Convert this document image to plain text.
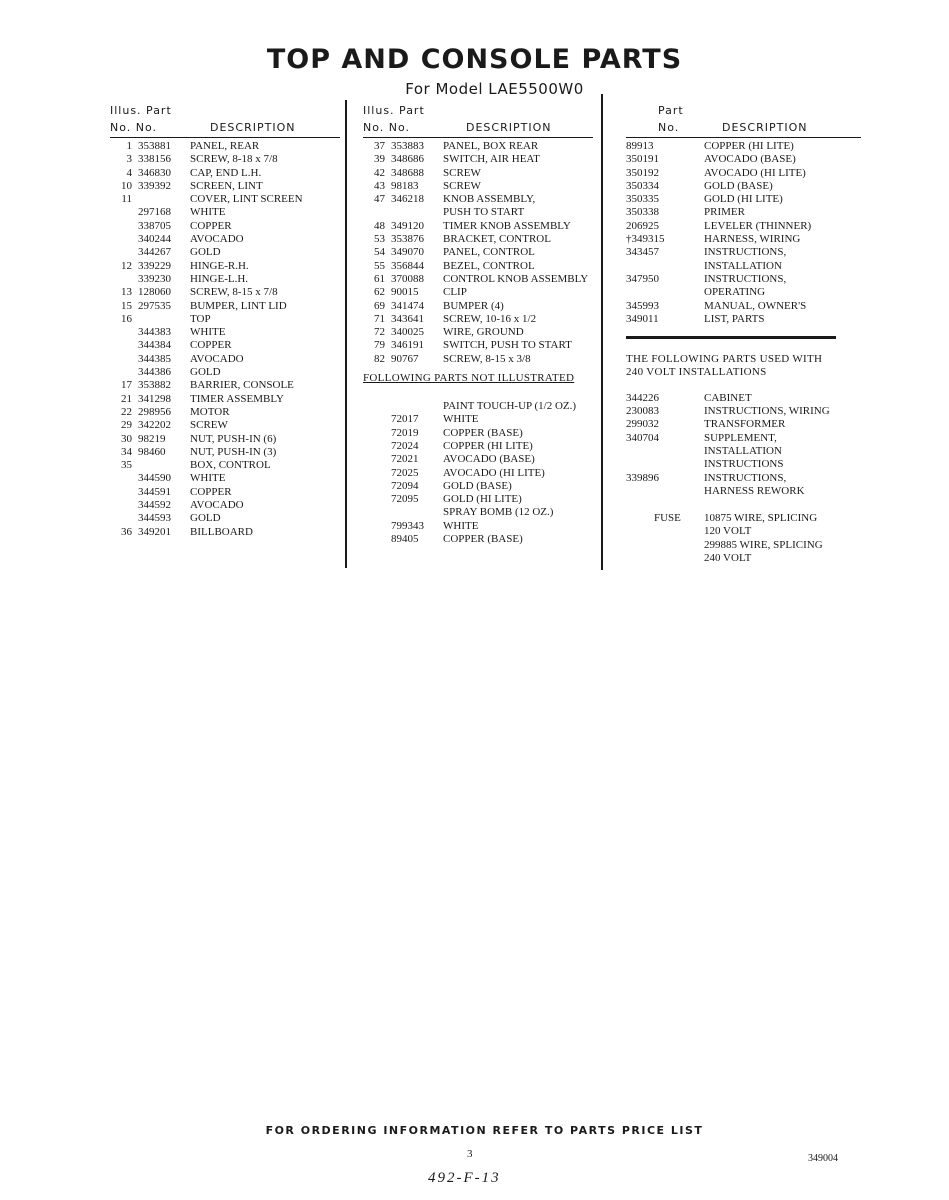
TOP AND CONSOLE PARTS
For Model LAE5500W0
Illus. Part
No. No.	DESCRIPTION
1 353881 PANEL, REAR
3 338156 SCREW, 8-18 x 7/8
4 346830 CAP, END L.H.
10 339392 SCREEN, LINT
11	COVER, LINT SCREEN
297168 WHITE
338705 COPPER
340244 AVOCADO
344267 GOLD
12 339229 HINGE-R.H.
339230 HINGE-L.H.
13 128060 SCREW, 8-15 x 7/8
15 297535 BUMPER, LINT LID
16	TOP
344383 WHITE
344384 COPPER
344385 AVOCADO
344386 GOLD
17 353882 BARRIER, CONSOLE
21 341298 TIMER ASSEMBLY
22 298956 MOTOR
29 342202 SCREW
30 98219 NUT, PUSH-IN (6)
34 98460 NUT, PUSH-IN (3)
35	BOX, CONTROL
344590 WHITE
344591 COPPER
344592 AVOCADO
344593 GOLD
36 349201 BILLBOARD
Illus. Part
No. No.	DESCRIPTION
37 353883 PANEL, BOX REAR
39 348686 SWITCH, AIR HEAT
42 348688 SCREW
43 98183 SCREW
47 346218 KNOB ASSEMBLY,
PUSH TO START
48 349120 TIMER KNOB ASSEMBLY
53 353876 BRACKET, CONTROL
54 349070 PANEL, CONTROL
55 356844 BEZEL, CONTROL
61 370088 CONTROL KNOB ASSEMBLY
62 90015 CLIP
69 341474 BUMPER (4)
71 343641 SCREW, 10-16 x 1/2
72 340025 WIRE, GROUND
79 346191 SWITCH, PUSH TO START
82 90767 SCREW, 8-15 x 3/8
FOLLOWING PARTS NOT ILLUSTRATED
PAINT TOUCH-UP (1/2 OZ.)
72017 WHITE
72019 COPPER (BASE)
72024 COPPER (HI LITE)
72021 AVOCADO (BASE)
72025 AVOCADO (HI LITE)
72094 GOLD (BASE)
72095 GOLD (HI LITE)
SPRAY BOMB (12 OZ.)
799343 WHITE
89405 COPPER (BASE)
Part
No.	DESCRIPTION
89913	COPPER (HI LITE)
350191	AVOCADO (BASE)
350192	AVOCADO (HI LITE)
350334	GOLD (BASE)
350335	GOLD (HI LITE)
350338	PRIMER
206925	LEVELER (THINNER)
†349315	HARNESS, WIRING
343457	INSTRUCTIONS,
INSTALLATION
347950	INSTRUCTIONS,
OPERATING
345993	MANUAL, OWNER'S
349011	LIST, PARTS
THE FOLLOWING PARTS USED WITH
240 VOLT INSTALLATIONS
344226	CABINET
230083	INSTRUCTIONS, WIRING
299032	TRANSFORMER
340704	SUPPLEMENT,
INSTALLATION
INSTRUCTIONS
339896	INSTRUCTIONS,
HARNESS REWORK
FUSE 10875 WIRE, SPLICING
120 VOLT
299885 WIRE, SPLICING
240 VOLT
FOR ORDERING INFORMATION REFER TO PARTS PRICE LIST
3	349004
492-F-13
